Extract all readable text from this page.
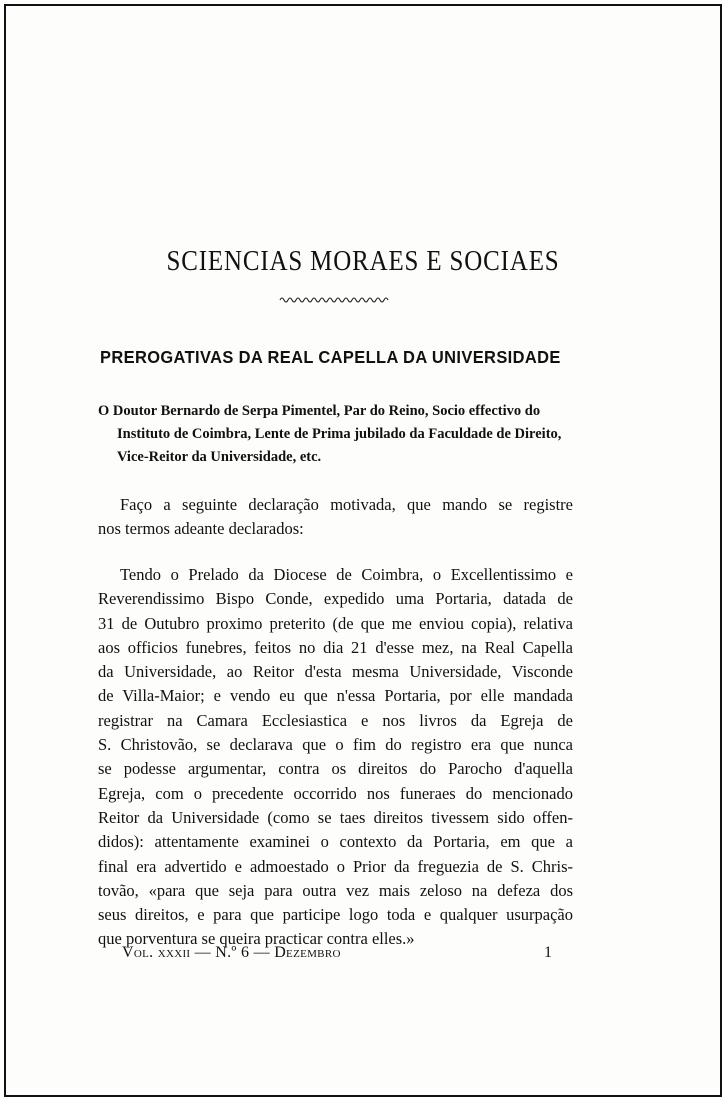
SCIENCIAS MORAES E SOCIAES
PREROGATIVAS DA REAL CAPELLA DA UNIVERSIDADE
O Doutor Bernardo de Serpa Pimentel, Par do Reino, Socio effectivo do
Instituto de Coimbra, Lente de Prima jubilado da Faculdade de Direito,
Vice-Reitor da Universidade, etc.
Faço a seguinte declaração motivada, que mando se registre
nos termos adeante declarados:
Tendo o Prelado da Diocese de Coimbra, o Excellentissimo e
Reverendissimo Bispo Conde, expedido uma Portaria, datada de
31 de Outubro proximo preterito (de que me enviou copia), relativa
aos officios funebres, feitos no dia 21 d'esse mez, na Real Capella
da Universidade, ao Reitor d'esta mesma Universidade, Visconde
de Villa-Maior; e vendo eu que n'essa Portaria, por elle mandada
registrar na Camara Ecclesiastica e nos livros da Egreja de
S. Christovão, se declarava que o fim do registro era que nunca
se podesse argumentar, contra os direitos do Parocho d'aquella
Egreja, com o precedente occorrido nos funeraes do mencionado
Reitor da Universidade (como se taes direitos tivessem sido offen-
didos): attentamente examinei o contexto da Portaria, em que a
final era advertido e admoestado o Prior da freguezia de S. Chris-
tovão, «para que seja para outra vez mais zeloso na defeza dos
seus direitos, e para que participe logo toda e qualquer usurpação
que porventura se queira practicar contra elles.»
Vol. xxxii — N.º 6 — Dezembro	1
